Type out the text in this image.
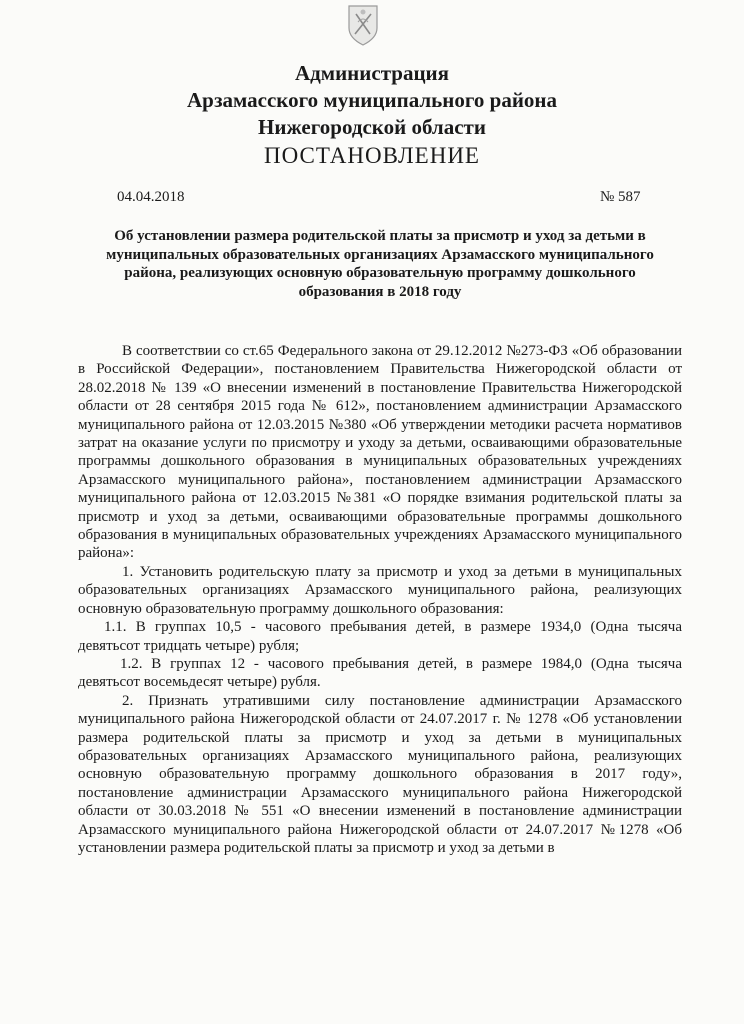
Администрация
Арзамасского муниципального района
Нижегородской области
ПОСТАНОВЛЕНИЕ
04.04.2018	№ 587
Об установлении размера родительской платы за присмотр и уход за детьми в муниципальных образовательных организациях Арзамасского муниципального района, реализующих основную образовательную программу дошкольного образования в 2018 году

В соответствии со ст.65 Федерального закона от 29.12.2012 №273-ФЗ «Об образовании в Российской Федерации», постановлением Правительства Нижегородской области от 28.02.2018 № 139 «О внесении изменений в постановление Правительства Нижегородской области от 28 сентября 2015 года № 612», постановлением администрации Арзамасского муниципального района от 12.03.2015 №380 «Об утверждении методики расчета нормативов затрат на оказание услуги по присмотру и уходу за детьми, осваивающими образовательные программы дошкольного образования в муниципальных образовательных учреждениях Арзамасского муниципального района», постановлением администрации Арзамасского муниципального района от 12.03.2015 №381 «О порядке взимания родительской платы за присмотр и уход за детьми, осваивающими образовательные программы дошкольного образования в муниципальных образовательных учреждениях Арзамасского муниципального района»:

1. Установить родительскую плату за присмотр и уход за детьми в муниципальных образовательных организациях Арзамасского муниципального района, реализующих основную образовательную программу дошкольного образования:

1.1. В группах 10,5 - часового пребывания детей, в размере 1934,0 (Одна тысяча девятьсот тридцать четыре) рубля;

1.2. В группах 12 - часового пребывания детей, в размере 1984,0 (Одна тысяча девятьсот восемьдесят четыре) рубля.

2. Признать утратившими силу постановление администрации Арзамасского муниципального района Нижегородской области от 24.07.2017 г. № 1278 «Об установлении размера родительской платы за присмотр и уход за детьми в муниципальных образовательных организациях Арзамасского муниципального района, реализующих основную образовательную программу дошкольного образования в 2017 году», постановление администрации Арзамасского муниципального района Нижегородской области от 30.03.2018 № 551 «О внесении изменений в постановление администрации Арзамасского муниципального района Нижегородской области от 24.07.2017 №1278 «Об установлении размера родительской платы за присмотр и уход за детьми в
